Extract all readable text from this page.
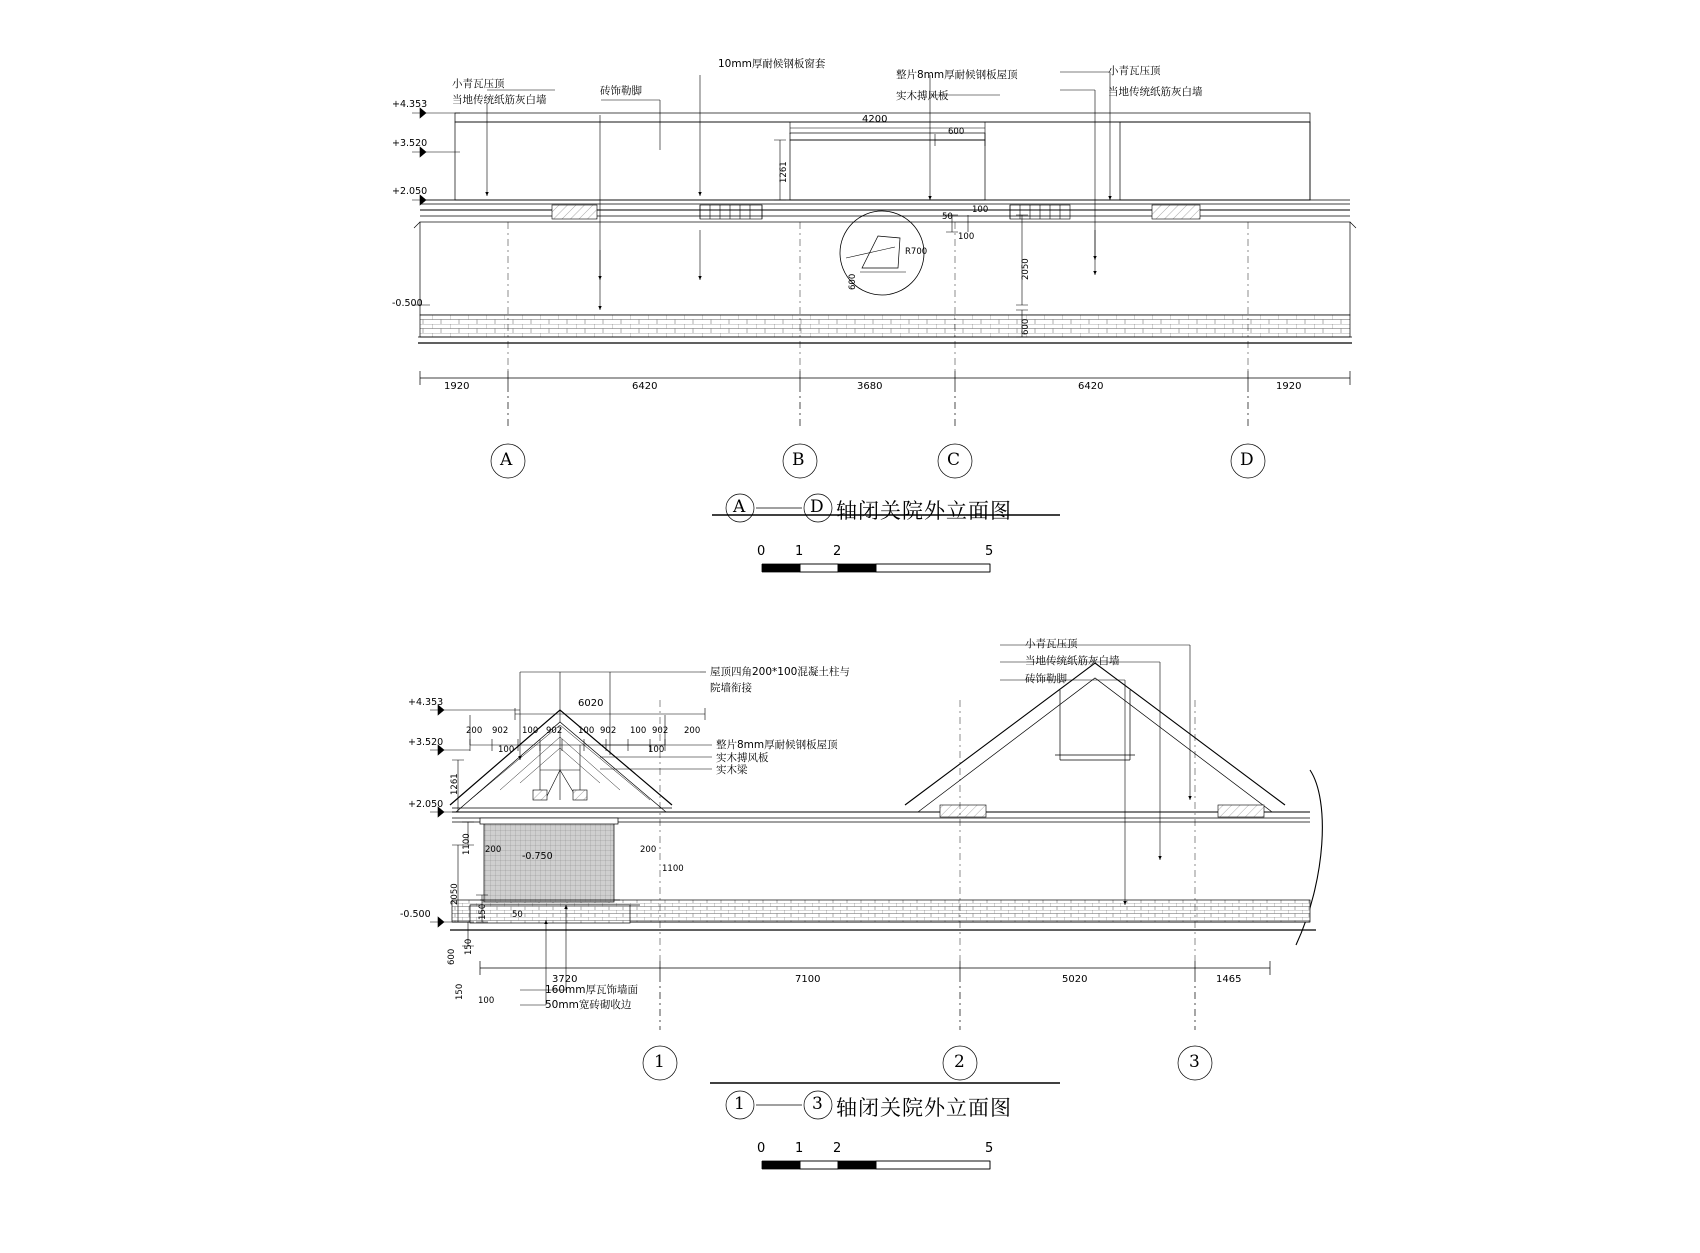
小青瓦压顶
当地传统纸筋灰白墙
砖饰勒脚
10mm厚耐候钢板窗套
整片8mm厚耐候钢板屋顶
实木搏风板
小青瓦压顶
当地传统纸筋灰白墙
+4.353
+3.520
+2.050
-0.500
4200
600
1261
2050
600
100
50
100
600
R700
1920	6420	3680	6420	1920
A	B	C	D
A	D 轴闭关院外立面图
0 1 2	5
屋顶四角200*100混凝土柱与
院墙衔接
整片8mm厚耐候钢板屋顶
实木搏风板
实木梁
160mm厚瓦饰墙面
50mm宽砖砌收边
小青瓦压顶
当地传统纸筋灰白墙
砖饰勒脚
+4.353
+3.520
+2.050
-0.500
-0.750
6020
200 902 100 902 100 902 100 902 200
100	100
1261
1100
2050
150
150
600
150
100
50
200	200
1100
3720	7100	5020	1465
1	2	3
1	3 轴闭关院外立面图
0 1 2	5
